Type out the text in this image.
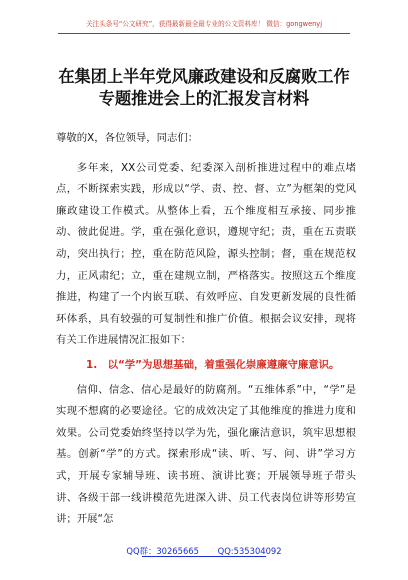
关注头条号“公文研究”，获得最新最全最专业的公文资料库！ 微信：gongwenyj
在集团上半年党风廉政建设和反腐败工作
专题推进会上的汇报发言材料

尊敬的X，各位领导，同志们：

多年来，XX公司党委、纪委深入剖析推进过程中的难点堵点，不断探索实践，形成以“学、责、控、督、立”为框架的党风廉政建设工作模式。从整体上看，五个维度相互承接、同步推动、彼此促进。学，重在强化意识，遵规守纪；责，重在五责联动，突出执行；控，重在防范风险，源头控制；督，重在规范权力，正风肃纪；立，重在建规立制，严格落实。按照这五个维度推进，构建了一个内嵌互联、有效呼应、自发更新发展的良性循环体系，具有较强的可复制性和推广价值。根据会议安排，现将有关工作进展情况汇报如下：

1.　以“学”为思想基础，着重强化崇廉遵廉守廉意识。

信仰、信念、信心是最好的防腐剂。“五维体系”中，“学”是实现不想腐的必要途径。它的成效决定了其他维度的推进力度和效果。公司党委始终坚持以学为先，强化廉洁意识，筑牢思想根基。创新“学”的方式。探索形成“读、听、写、问、讲”学习方式，开展专家辅导班、读书班、演讲比赛；开展领导班子带头讲、各级干部一线讲模范先进深入讲、员工代表岗位讲等形势宣讲；开展“怎

QQ群：30265665 QQ:535304092
